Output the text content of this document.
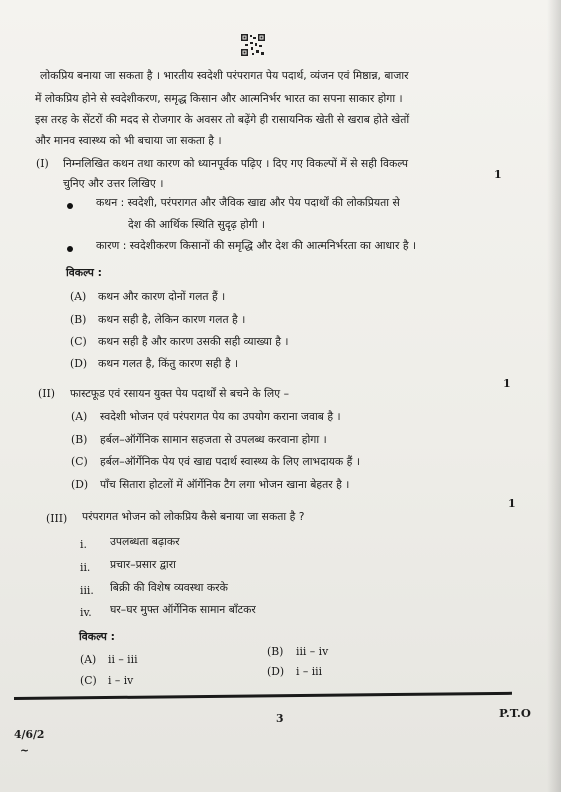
लोकप्रिय बनाया जा सकता है । भारतीय स्वदेशी परंपरागत पेय पदार्थ, व्यंजन एवं मिष्ठान्न, बाजार
में लोकप्रिय होने से स्वदेशीकरण, समृद्ध किसान और आत्मनिर्भर भारत का सपना साकार होगा ।
इस तरह के सेंटरों की मदद से रोजगार के अवसर तो बढ़ेंगे ही रासायनिक खेती से खराब होते खेतों
और मानव स्वास्थ्य को भी बचाया जा सकता है ।
(I) निम्नलिखित कथन तथा कारण को ध्यानपूर्वक पढ़िए । दिए गए विकल्पों में से सही विकल्प
चुनिए और उत्तर लिखिए ।
1
कथन : स्वदेशी, परंपरागत और जैविक खाद्य और पेय पदार्थों की लोकप्रियता से
देश की आर्थिक स्थिति सुदृढ़ होगी ।
कारण : स्वदेशीकरण किसानों की समृद्धि और देश की आत्मनिर्भरता का आधार है ।
विकल्प :
(A) कथन और कारण दोनों गलत हैं ।
(B) कथन सही है, लेकिन कारण गलत है ।
(C) कथन सही है और कारण उसकी सही व्याख्या है ।
(D) कथन गलत है, किंतु कारण सही है ।
(II) फास्टफूड एवं रसायन युक्त पेय पदार्थों से बचने के लिए –
1
(A) स्वदेशी भोजन एवं परंपरागत पेय का उपयोग कराना जवाब है ।
(B) हर्बल–ऑर्गेनिक सामान सहजता से उपलब्ध करवाना होगा ।
(C) हर्बल–ऑर्गेनिक पेय एवं खाद्य पदार्थ स्वास्थ्य के लिए लाभदायक हैं ।
(D) पाँच सितारा होटलों में ऑर्गेनिक टैग लगा भोजन खाना बेहतर है ।
(III) परंपरागत भोजन को लोकप्रिय कैसे बनाया जा सकता है ?
1
i. उपलब्धता बढ़ाकर
ii. प्रचार–प्रसार द्वारा
iii. बिक्री की विशेष व्यवस्था करके
iv. घर–घर मुफ्त ऑर्गेनिक सामान बाँटकर
विकल्प :
(A) ii – iii
(B) iii – iv
(C) i – iv
(D) i – iii
P.T.O
3
4/6/2
~
